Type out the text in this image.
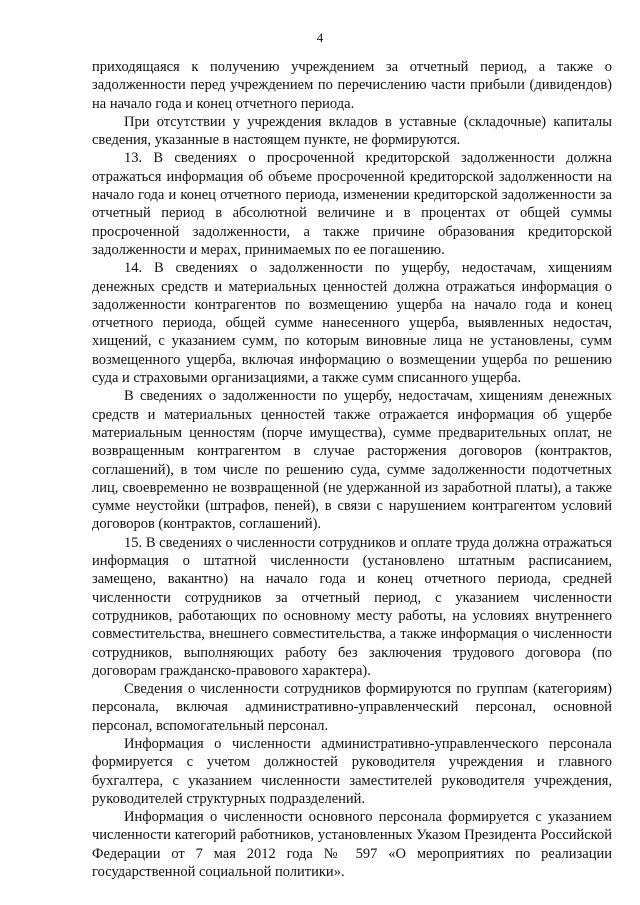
4

приходящаяся к получению учреждением за отчетный период, а также о задолженности перед учреждением по перечислению части прибыли (дивидендов) на начало года и конец отчетного периода.

При отсутствии у учреждения вкладов в уставные (складочные) капиталы сведения, указанные в настоящем пункте, не формируются.

13. В сведениях о просроченной кредиторской задолженности должна отражаться информация об объеме просроченной кредиторской задолженности на начало года и конец отчетного периода, изменении кредиторской задолженности за отчетный период в абсолютной величине и в процентах от общей суммы просроченной задолженности, а также причине образования кредиторской задолженности и мерах, принимаемых по ее погашению.

14. В сведениях о задолженности по ущербу, недостачам, хищениям денежных средств и материальных ценностей должна отражаться информация о задолженности контрагентов по возмещению ущерба на начало года и конец отчетного периода, общей сумме нанесенного ущерба, выявленных недостач, хищений, с указанием сумм, по которым виновные лица не установлены, сумм возмещенного ущерба, включая информацию о возмещении ущерба по решению суда и страховыми организациями, а также сумм списанного ущерба.

В сведениях о задолженности по ущербу, недостачам, хищениям денежных средств и материальных ценностей также отражается информация об ущербе материальным ценностям (порче имущества), сумме предварительных оплат, не возвращенным контрагентом в случае расторжения договоров (контрактов, соглашений), в том числе по решению суда, сумме задолженности подотчетных лиц, своевременно не возвращенной (не удержанной из заработной платы), а также сумме неустойки (штрафов, пеней), в связи с нарушением контрагентом условий договоров (контрактов, соглашений).

15. В сведениях о численности сотрудников и оплате труда должна отражаться информация о штатной численности (установлено штатным расписанием, замещено, вакантно) на начало года и конец отчетного периода, средней численности сотрудников за отчетный период, с указанием численности сотрудников, работающих по основному месту работы, на условиях внутреннего совместительства, внешнего совместительства, а также информация о численности сотрудников, выполняющих работу без заключения трудового договора (по договорам гражданско-правового характера).

Сведения о численности сотрудников формируются по группам (категориям) персонала, включая административно-управленческий персонал, основной персонал, вспомогательный персонал.

Информация о численности административно-управленческого персонала формируется с учетом должностей руководителя учреждения и главного бухгалтера, с указанием численности заместителей руководителя учреждения, руководителей структурных подразделений.

Информация о численности основного персонала формируется с указанием численности категорий работников, установленных Указом Президента Российской Федерации от 7 мая 2012 года № 597 «О мероприятиях по реализации государственной социальной политики».
